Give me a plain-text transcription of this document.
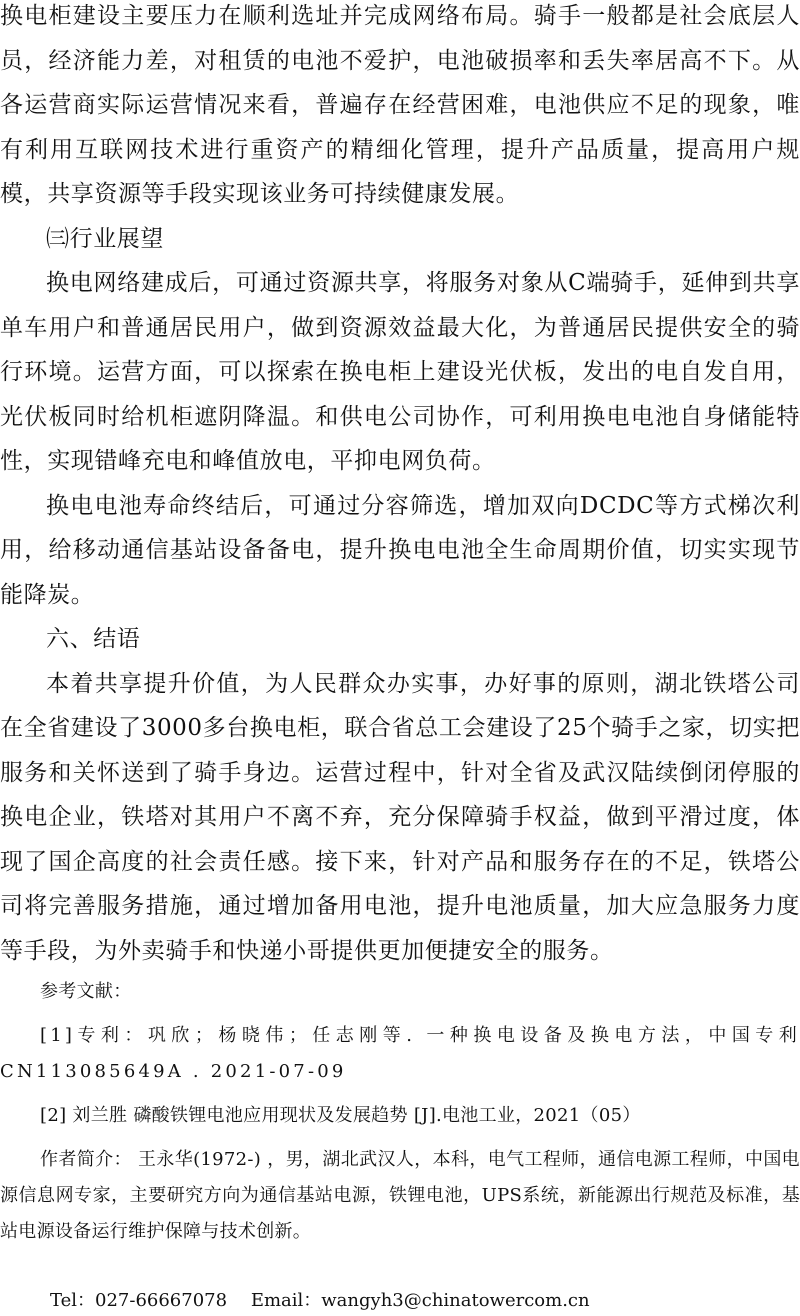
换电柜建设主要压力在顺利选址并完成网络布局。骑手一般都是社会底层人员，经济能力差，对租赁的电池不爱护，电池破损率和丢失率居高不下。从各运营商实际运营情况来看，普遍存在经营困难，电池供应不足的现象，唯有利用互联网技术进行重资产的精细化管理，提升产品质量，提高用户规模，共享资源等手段实现该业务可持续健康发展。

㈢行业展望

换电网络建成后，可通过资源共享，将服务对象从C端骑手，延伸到共享单车用户和普通居民用户，做到资源效益最大化，为普通居民提供安全的骑行环境。运营方面，可以探索在换电柜上建设光伏板，发出的电自发自用，光伏板同时给机柜遮阴降温。和供电公司协作，可利用换电电池自身储能特性，实现错峰充电和峰值放电，平抑电网负荷。

换电电池寿命终结后，可通过分容筛选，增加双向DCDC等方式梯次利用，给移动通信基站设备备电，提升换电电池全生命周期价值，切实实现节能降炭。

六、结语

本着共享提升价值，为人民群众办实事，办好事的原则，湖北铁塔公司在全省建设了3000多台换电柜，联合省总工会建设了25个骑手之家，切实把服务和关怀送到了骑手身边。运营过程中，针对全省及武汉陆续倒闭停服的换电企业，铁塔对其用户不离不弃，充分保障骑手权益，做到平滑过度，体现了国企高度的社会责任感。接下来，针对产品和服务存在的不足，铁塔公司将完善服务措施，通过增加备用电池，提升电池质量，加大应急服务力度等手段，为外卖骑手和快递小哥提供更加便捷安全的服务。

参考文献：

[1]专利：巩欣；杨晓伟；任志刚等. 一种换电设备及换电方法，中国专利CN113085649A . 2021-07-09

[2] 刘兰胜 磷酸铁锂电池应用现状及发展趋势 [J].电池工业，2021（05）

作者简介： 王永华(1972-) ，男，湖北武汉人，本科，电气工程师，通信电源工程师，中国电源信息网专家，主要研究方向为通信基站电源，铁锂电池，UPS系统，新能源出行规范及标准，基站电源设备运行维护保障与技术创新。

Tel：027-66667078 Email：wangyh3@chinatowercom.cn
